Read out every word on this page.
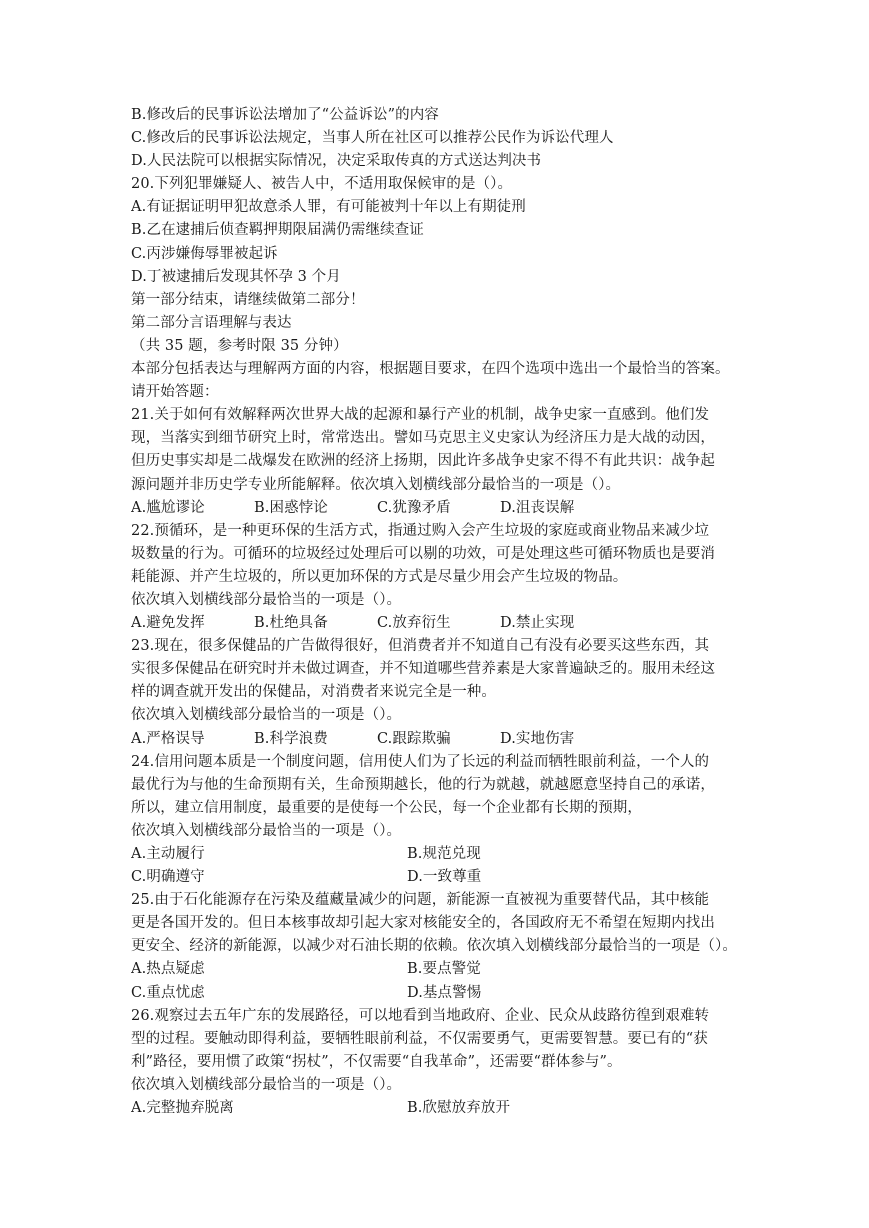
B.修改后的民事诉讼法增加了“公益诉讼”的内容
C.修改后的民事诉讼法规定，当事人所在社区可以推荐公民作为诉讼代理人
D.人民法院可以根据实际情况，决定采取传真的方式送达判决书
20.下列犯罪嫌疑人、被告人中，不适用取保候审的是（）。
A.有证据证明甲犯故意杀人罪，有可能被判十年以上有期徒刑
B.乙在逮捕后侦查羁押期限届满仍需继续查证
C.丙涉嫌侮辱罪被起诉
D.丁被逮捕后发现其怀孕 3 个月
第一部分结束，请继续做第二部分！
第二部分言语理解与表达
（共 35 题，参考时限 35 分钟）
本部分包括表达与理解两方面的内容，根据题目要求，在四个选项中选出一个最恰当的答案。
请开始答题：
21.关于如何有效解释两次世界大战的起源和暴行产业的机制，战争史家一直感到。他们发
现，当落实到细节研究上时，常常迭出。譬如马克思主义史家认为经济压力是大战的动因，
但历史事实却是二战爆发在欧洲的经济上扬期，因此许多战争史家不得不有此共识：战争起
源问题并非历史学专业所能解释。依次填入划横线部分最恰当的一项是（）。
A.尴尬谬论	B.困惑悖论	C.犹豫矛盾	D.沮丧误解
22.预循环，是一种更环保的生活方式，指通过购入会产生垃圾的家庭或商业物品来减少垃
圾数量的行为。可循环的垃圾经过处理后可以剔的功效，可是处理这些可循环物质也是要消
耗能源、并产生垃圾的，所以更加环保的方式是尽量少用会产生垃圾的物品。
依次填入划横线部分最恰当的一项是（）。
A.避免发挥	B.杜绝具备	C.放弃衍生	D.禁止实现
23.现在，很多保健品的广告做得很好，但消费者并不知道自己有没有必要买这些东西，其
实很多保健品在研究时并未做过调查，并不知道哪些营养素是大家普遍缺乏的。服用未经这
样的调查就开发出的保健品，对消费者来说完全是一种。
依次填入划横线部分最恰当的一项是（）。
A.严格误导	B.科学浪费	C.跟踪欺骗	D.实地伤害
24.信用问题本质是一个制度问题，信用使人们为了长远的利益而牺牲眼前利益，一个人的
最优行为与他的生命预期有关，生命预期越长，他的行为就越，就越愿意坚持自己的承诺，
所以，建立信用制度，最重要的是使每一个公民，每一个企业都有长期的预期，
依次填入划横线部分最恰当的一项是（）。
A.主动履行	B.规范兑现
C.明确遵守	D.一致尊重
25.由于石化能源存在污染及蕴藏量减少的问题，新能源一直被视为重要替代品，其中核能
更是各国开发的。但日本核事故却引起大家对核能安全的，各国政府无不希望在短期内找出
更安全、经济的新能源，以减少对石油长期的依赖。依次填入划横线部分最恰当的一项是（）。
A.热点疑虑	B.要点警觉
C.重点忧虑	D.基点警惕
26.观察过去五年广东的发展路径，可以地看到当地政府、企业、民众从歧路彷徨到艰难转
型的过程。要触动即得利益，要牺牲眼前利益，不仅需要勇气，更需要智慧。要已有的“获
利”路径，要用惯了政策“拐杖”，不仅需要“自我革命”，还需要“群体参与”。
依次填入划横线部分最恰当的一项是（）。
A.完整抛弃脱离	B.欣慰放弃放开
